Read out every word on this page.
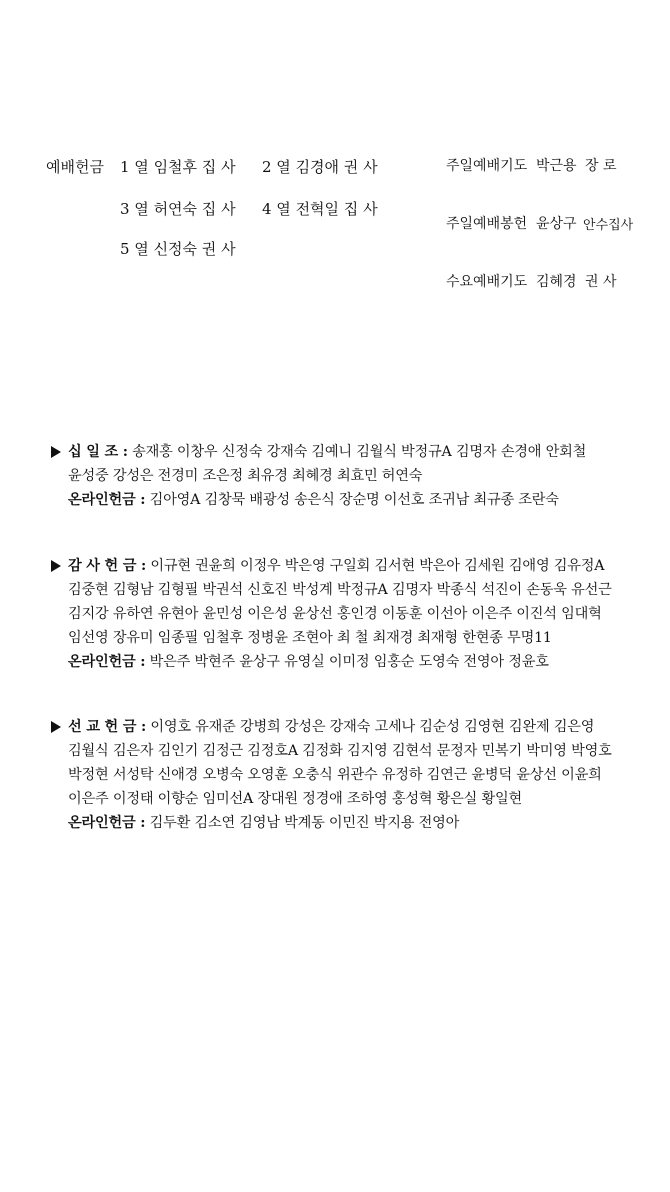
예배헌금 1 열 임철후 집 사 2 열 김경애 권 사
3 열 허연숙 집 사 4 열 전혁일 집 사
5 열 신정숙 권 사
주일예배기도 박근용 장 로
주일예배봉헌 윤상구 안수집사
수요예배기도 김혜경 권 사
십 일 조 : 송재홍 이창우 신정숙 강재숙 김예니 김월식 박정규A 김명자 손경애 안회철
윤성중 강성은 전경미 조은정 최유경 최혜경 최효민 허연숙
온라인헌금 : 김아영A 김창묵 배광성 송은식 장순명 이선호 조귀남 최규종 조란숙
감 사 헌 금 : 이규현 권윤희 이정우 박은영 구일회 김서현 박은아 김세원 김애영 김유정A
김중현 김형남 김형필 박권석 신호진 박성계 박정규A 김명자 박종식 석진이 손동욱 유선근
김지강 유하연 유현아 윤민성 이은성 윤상선 홍인경 이동훈 이선아 이은주 이진석 임대혁
임선영 장유미 임종필 임철후 정병윤 조현아 최 철 최재경 최재형 한현종 무명11
온라인헌금 : 박은주 박현주 윤상구 유영실 이미정 임홍순 도영숙 전영아 정윤호
선 교 헌 금 : 이영호 유재준 강병희 강성은 강재숙 고세나 김순성 김영현 김완제 김은영
김월식 김은자 김인기 김정근 김정호A 김정화 김지영 김현석 문정자 민복기 박미영 박영호
박정현 서성탁 신애경 오병숙 오영훈 오충식 위관수 유정하 김연근 윤병덕 윤상선 이윤희
이은주 이정태 이향순 임미선A 장대원 정경애 조하영 홍성혁 황은실 황일현
온라인헌금 : 김두환 김소연 김영남 박계동 이민진 박지용 전영아
